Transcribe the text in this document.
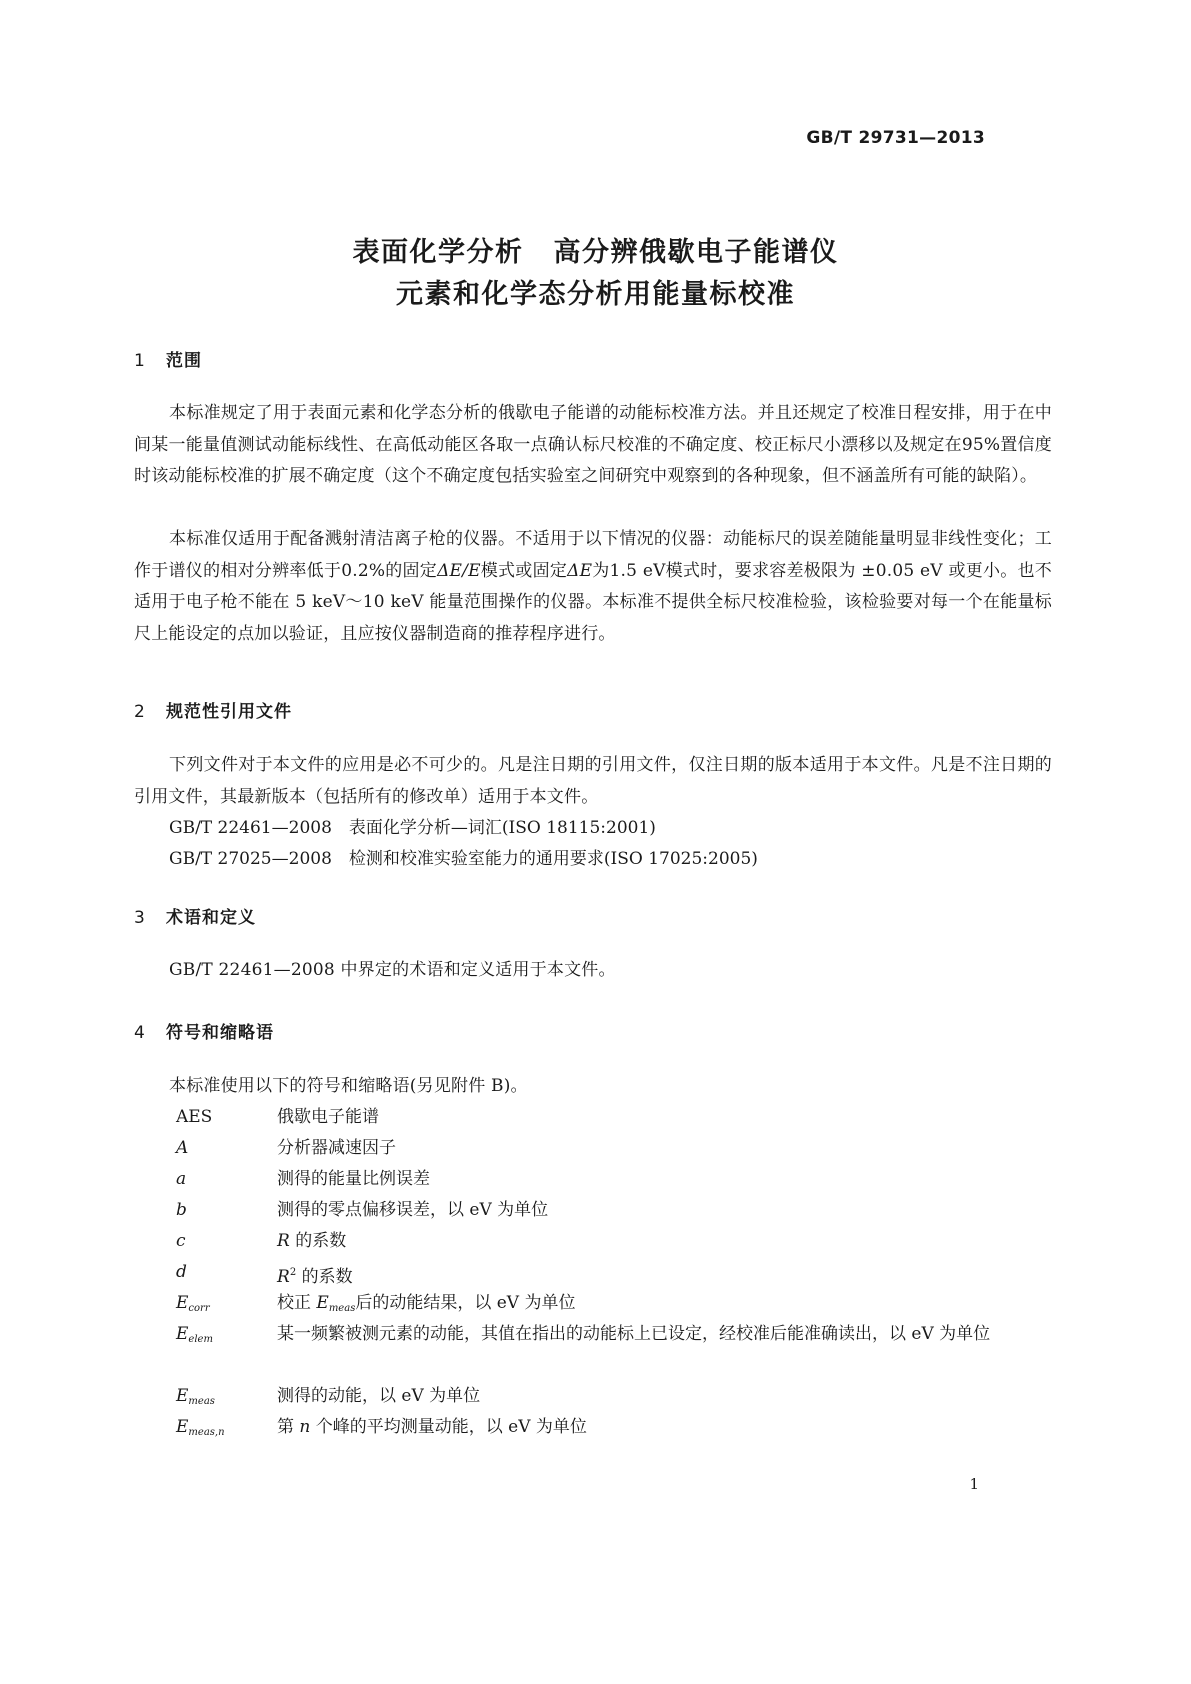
GB/T 29731—2013
表面化学分析 高分辨俄歇电子能谱仪
元素和化学态分析用能量标校准
1 范围

本标准规定了用于表面元素和化学态分析的俄歇电子能谱的动能标校准方法。并且还规定了校准日程安排，用于在中间某一能量值测试动能标线性、在高低动能区各取一点确认标尺校准的不确定度、校正标尺小漂移以及规定在95%置信度时该动能标校准的扩展不确定度（这个不确定度包括实验室之间研究中观察到的各种现象，但不涵盖所有可能的缺陷）。

本标准仅适用于配备溅射清洁离子枪的仪器。不适用于以下情况的仪器：动能标尺的误差随能量明显非线性变化；工作于谱仪的相对分辨率低于0.2%的固定ΔE/E模式或固定ΔE为1.5 eV模式时，要求容差极限为 ±0.05 eV 或更小。也不适用于电子枪不能在 5 keV～10 keV 能量范围操作的仪器。本标准不提供全标尺校准检验，该检验要对每一个在能量标尺上能设定的点加以验证，且应按仪器制造商的推荐程序进行。

2 规范性引用文件

下列文件对于本文件的应用是必不可少的。凡是注日期的引用文件，仅注日期的版本适用于本文件。凡是不注日期的引用文件，其最新版本（包括所有的修改单）适用于本文件。

GB/T 22461—2008　表面化学分析—词汇(ISO 18115:2001)
GB/T 27025—2008　检测和校准实验室能力的通用要求(ISO 17025:2005)
3 术语和定义

GB/T 22461—2008 中界定的术语和定义适用于本文件。

4 符号和缩略语

本标准使用以下的符号和缩略语(另见附件 B)。

AES	俄歇电子能谱
A	分析器减速因子
a	测得的能量比例误差
b	测得的零点偏移误差，以 eV 为单位
c	R 的系数
d	$R^2$ 的系数
$E_{corr}$	校正 $E_{meas}$后的动能结果，以 eV 为单位
$E_{elem}$	某一频繁被测元素的动能，其值在指出的动能标上已设定，经校准后能准确读出，以 eV 为单位
$E_{meas}$	测得的动能，以 eV 为单位
$E_{meas,n}$	第 n 个峰的平均测量动能，以 eV 为单位
1
